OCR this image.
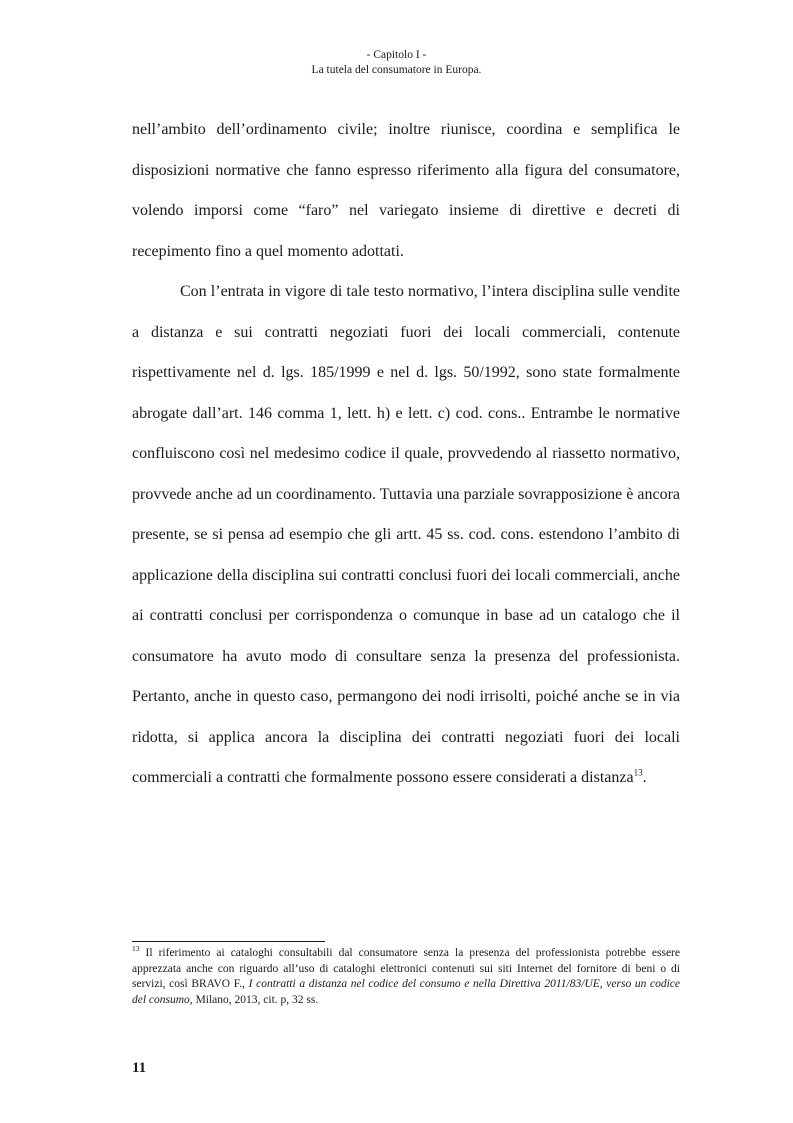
- Capitolo I -
La tutela del consumatore in Europa.

nell’ambito dell’ordinamento civile; inoltre riunisce, coordina e semplifica le disposizioni normative che fanno espresso riferimento alla figura del consumatore, volendo imporsi come “faro” nel variegato insieme di direttive e decreti di recepimento fino a quel momento adottati.

Con l’entrata in vigore di tale testo normativo, l’intera disciplina sulle vendite a distanza e sui contratti negoziati fuori dei locali commerciali, contenute rispettivamente nel d. lgs. 185/1999 e nel d. lgs. 50/1992, sono state formalmente abrogate dall’art. 146 comma 1, lett. h) e lett. c) cod. cons.. Entrambe le normative confluiscono così nel medesimo codice il quale, provvedendo al riassetto normativo, provvede anche ad un coordinamento. Tuttavia una parziale sovrapposizione è ancora presente, se si pensa ad esempio che gli artt. 45 ss. cod. cons. estendono l’ambito di applicazione della disciplina sui contratti conclusi fuori dei locali commerciali, anche ai contratti conclusi per corrispondenza o comunque in base ad un catalogo che il consumatore ha avuto modo di consultare senza la presenza del professionista. Pertanto, anche in questo caso, permangono dei nodi irrisolti, poiché anche se in via ridotta, si applica ancora la disciplina dei contratti negoziati fuori dei locali commerciali a contratti che formalmente possono essere considerati a distanza$^{13}$.

$^{13}$ Il riferimento ai cataloghi consultabili dal consumatore senza la presenza del professionista potrebbe essere apprezzata anche con riguardo all’uso di cataloghi elettronici contenuti sui siti Internet del fornitore di beni o di servizi, così BRAVO F., I contratti a distanza nel codice del consumo e nella Direttiva 2011/83/UE, verso un codice del consumo, Milano, 2013, cit. p, 32 ss.
11
